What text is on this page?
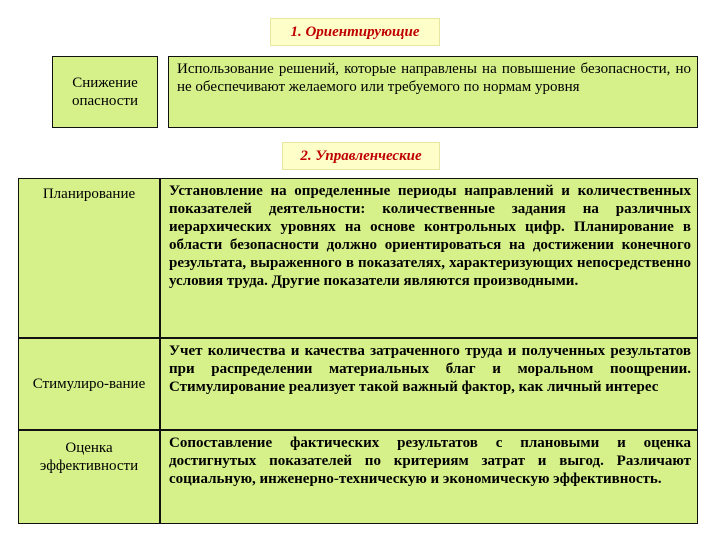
1. Ориентирующие
Снижение опасности
Использование решений, которые направлены на повышение безопасности, но не обеспечивают желаемого или требуемого по нормам уровня
2. Управленческие
Планирование	Установление на определенные периоды направлений и количественных показателей деятельности: количественные задания на различных иерархических уровнях на основе контрольных цифр. Планирование в области безопасности должно ориентироваться на достижении конечного результата, выраженного в показателях, характеризующих непосредственно условия труда. Другие показатели являются производными.
Стимулиро-вание
Учет количества и качества затраченного труда и полученных результатов при распределении материальных благ и моральном поощрении. Стимулирование реализует такой важный фактор, как личный интерес
Оценка эффективности
Сопоставление фактических результатов с плановыми и оценка достигнутых показателей по критериям затрат и выгод. Различают социальную, инженерно-техническую и экономическую эффективность.
